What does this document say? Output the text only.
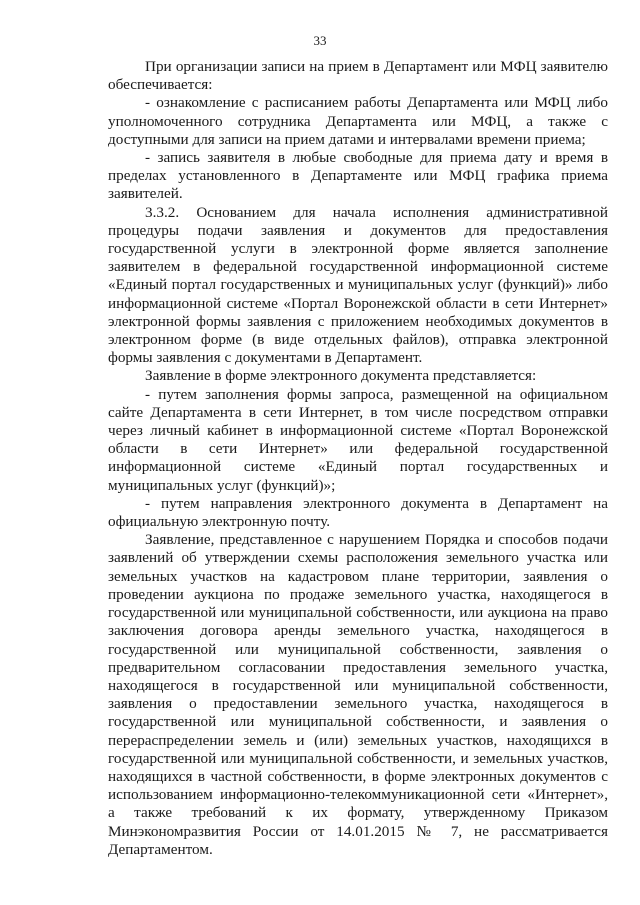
33

При организации записи на прием в Департамент или МФЦ заявителю обеспечивается:

- ознакомление с расписанием работы Департамента или МФЦ либо уполномоченного сотрудника Департамента или МФЦ, а также с доступными для записи на прием датами и интервалами времени приема;

- запись заявителя в любые свободные для приема дату и время в пределах установленного в Департаменте или МФЦ графика приема заявителей.

3.3.2. Основанием для начала исполнения административной процедуры подачи заявления и документов для предоставления государственной услуги в электронной форме является заполнение заявителем в федеральной государственной информационной системе «Единый портал государственных и муниципальных услуг (функций)» либо информационной системе «Портал Воронежской области в сети Интернет» электронной формы заявления с приложением необходимых документов в электронном форме (в виде отдельных файлов), отправка электронной формы заявления с документами в Департамент.

Заявление в форме электронного документа представляется:

- путем заполнения формы запроса, размещенной на официальном сайте Департамента в сети Интернет, в том числе посредством отправки через личный кабинет в информационной системе «Портал Воронежской области в сети Интернет» или федеральной государственной информационной системе «Единый портал государственных и муниципальных услуг (функций)»;

- путем направления электронного документа в Департамент на официальную электронную почту.

Заявление, представленное с нарушением Порядка и способов подачи заявлений об утверждении схемы расположения земельного участка или земельных участков на кадастровом плане территории, заявления о проведении аукциона по продаже земельного участка, находящегося в государственной или муниципальной собственности, или аукциона на право заключения договора аренды земельного участка, находящегося в государственной или муниципальной собственности, заявления о предварительном согласовании предоставления земельного участка, находящегося в государственной или муниципальной собственности, заявления о предоставлении земельного участка, находящегося в государственной или муниципальной собственности, и заявления о перераспределении земель и (или) земельных участков, находящихся в государственной или муниципальной собственности, и земельных участков, находящихся в частной собственности, в форме электронных документов с использованием информационно-телекоммуникационной сети «Интернет», а также требований к их формату, утвержденному Приказом Минэкономразвития России от 14.01.2015 № 7, не рассматривается Департаментом.
